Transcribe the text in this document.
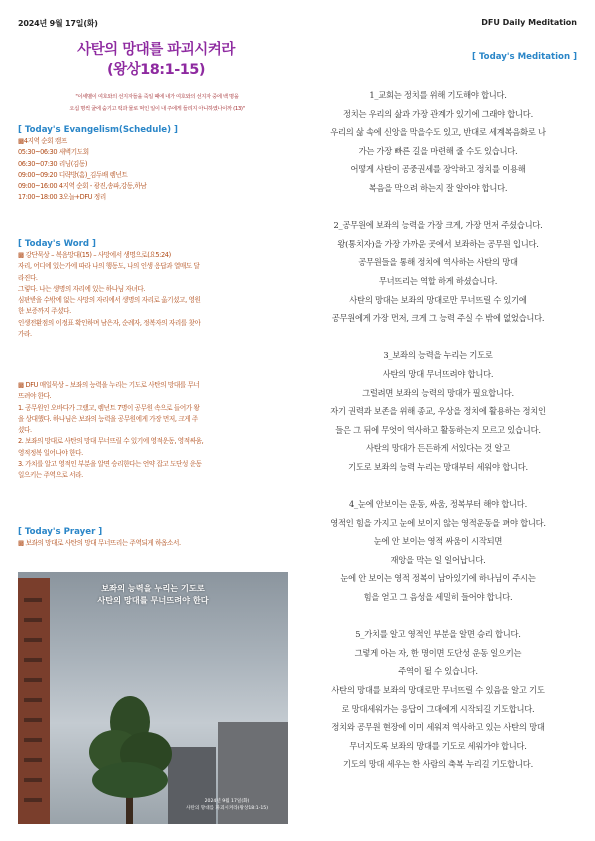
2024년 9월 17일(화)	DFU Daily Meditation
사탄의 망대를 파괴시켜라
(왕상18:1-15)
"이세벨이 여호와의 선지자들을 죽일 때에 내가 여호와의 선지자 중에 백 명을
오십 명씩 굴에 숨기고 떡과 물로 먹인 일이 내 주에게 들리지 아니하였나이까 (13)"
[ Today's Evangelism(Schedule) ]
▩4지역 순회 캠프
05:30~06:30 새벽기도회
06:30~07:30 리닝(김동)
09:00~09:20 디략방(흠)_김두배 렘넌트
09:00~16:00 4지역 순회 - 광진,송파,강동,하남
17:00~18:00 3오늘+DFU 정리
[ Today's Word ]
▩ 강단묵상 – 복음망대(15) – 사망에서 생명으로(요5:24)
자리, 어디에 있는가에 따라 나의 행동도, 나의 인생 응답과 열매도 달
라진다.
그렇다. 나는 생명의 자리에 있는 하나님 자녀다.
심판받을 수밖에 없는 사망의 자리에서 생명의 자리로 옮기셨고, 영원
한 보증까지 주셨다.
인생전환점의 이정표 확인하며 남은자, 순례자, 정복자의 자리를 찾아
가라.
▩ DFU 매일묵상 – 보좌의 능력을 누리는 기도로 사탄의 망대를 무너
뜨려야 한다.
1. 공무원인 오바다가 그랬고, 렘넌트 7명이 공무원 속으로 들어가 왕
을 상대했다. 하나님은 보좌의 능력을 공무원에게 가장 먼저, 크게 주
셨다.
2. 보좌의 망대로 사탄의 망대 무너뜨릴 수 있기에 영적운동, 영적싸움,
영적정복 일어나야 한다.
3. 가치를 알고 영적인 부분을 알면 승리한다는 언약 잡고 도단성 운동
일으키는 주역으로 서라.
[ Today's Prayer ]
▩ 보좌의 망대로 사탄의 망대 무너뜨리는 주역되게 하옵소서.
보좌의 능력을 누리는 기도로
사탄의 망대를 무너뜨려야 한다
2024년 9월 17일(화)
사탄의 망대를 파괴시켜라(왕상18:1-15)
[ Today's Meditation ]
1_교회는 정치를 위해 기도해야 합니다.
정치는 우리의 삶과 가장 관계가 있기에 그래야 합니다.
우리의 삶 속에 신앙을 막을수도 있고, 반대로 세계복음화로 나
가는 가장 빠른 길을 마련해 줄 수도 있습니다.
어떻게 사탄이 공중권세를 장악하고 정치를 이용해
복음을 막으려 하는지 잘 알아야 합니다.
2_공무원에 보좌의 능력을 가장 크게, 가장 먼저 주셨습니다.
왕(통치자)을 가장 가까운 곳에서 보좌하는 공무원 입니다.
공무원들을 통해 정치에 역사하는 사탄의 망대
무너뜨리는 역할 하게 하셨습니다.
사탄의 망대는 보좌의 망대로만 무너뜨릴 수 있기에
공무원에게 가장 먼저, 크게 그 능력 주실 수 밖에 없었습니다.
3_보좌의 능력을 누리는 기도로
사탄의 망대 무너뜨려야 합니다.
그럴려면 보좌의 능력의 망대가 필요합니다.
자기 권력과 보존을 위해 종교, 우상을 정치에 활용하는 정치인
들은 그 뒤에 무엇이 역사하고 활동하는지 모르고 있습니다.
사탄의 망대가 든든하게 서있다는 것 알고
기도로 보좌의 능력 누리는 망대부터 세워야 합니다.
4_눈에 안보이는 운동, 싸움, 정복부터 해야 합니다.
영적인 힘을 가지고 눈에 보이지 않는 영적운동을 펴야 합니다.
눈에 안 보이는 영적 싸움이 시작되면
재앙을 막는 일 일어납니다.
눈에 안 보이는 영적 정복이 남아있기에 하나님이 주시는
힘을 얻고 그 음성을 세밀히 들어야 합니다.
5_가치를 알고 영적인 부분을 알면 승리 합니다.
그렇게 아는 자, 한 명이면 도단성 운동 일으키는
주역이 될 수 있습니다.
사탄의 망대를 보좌의 망대로만 무너뜨릴 수 있음을 알고 기도
로 망대세워가는 응답이 그대에게 시작되길 기도합니다.
정치와 공무원 현장에 이미 세워져 역사하고 있는 사탄의 망대
무너지도록 보좌의 망대를 기도로 세워가야 합니다.
기도의 망대 세우는 한 사람의 축복 누리길 기도합니다.
